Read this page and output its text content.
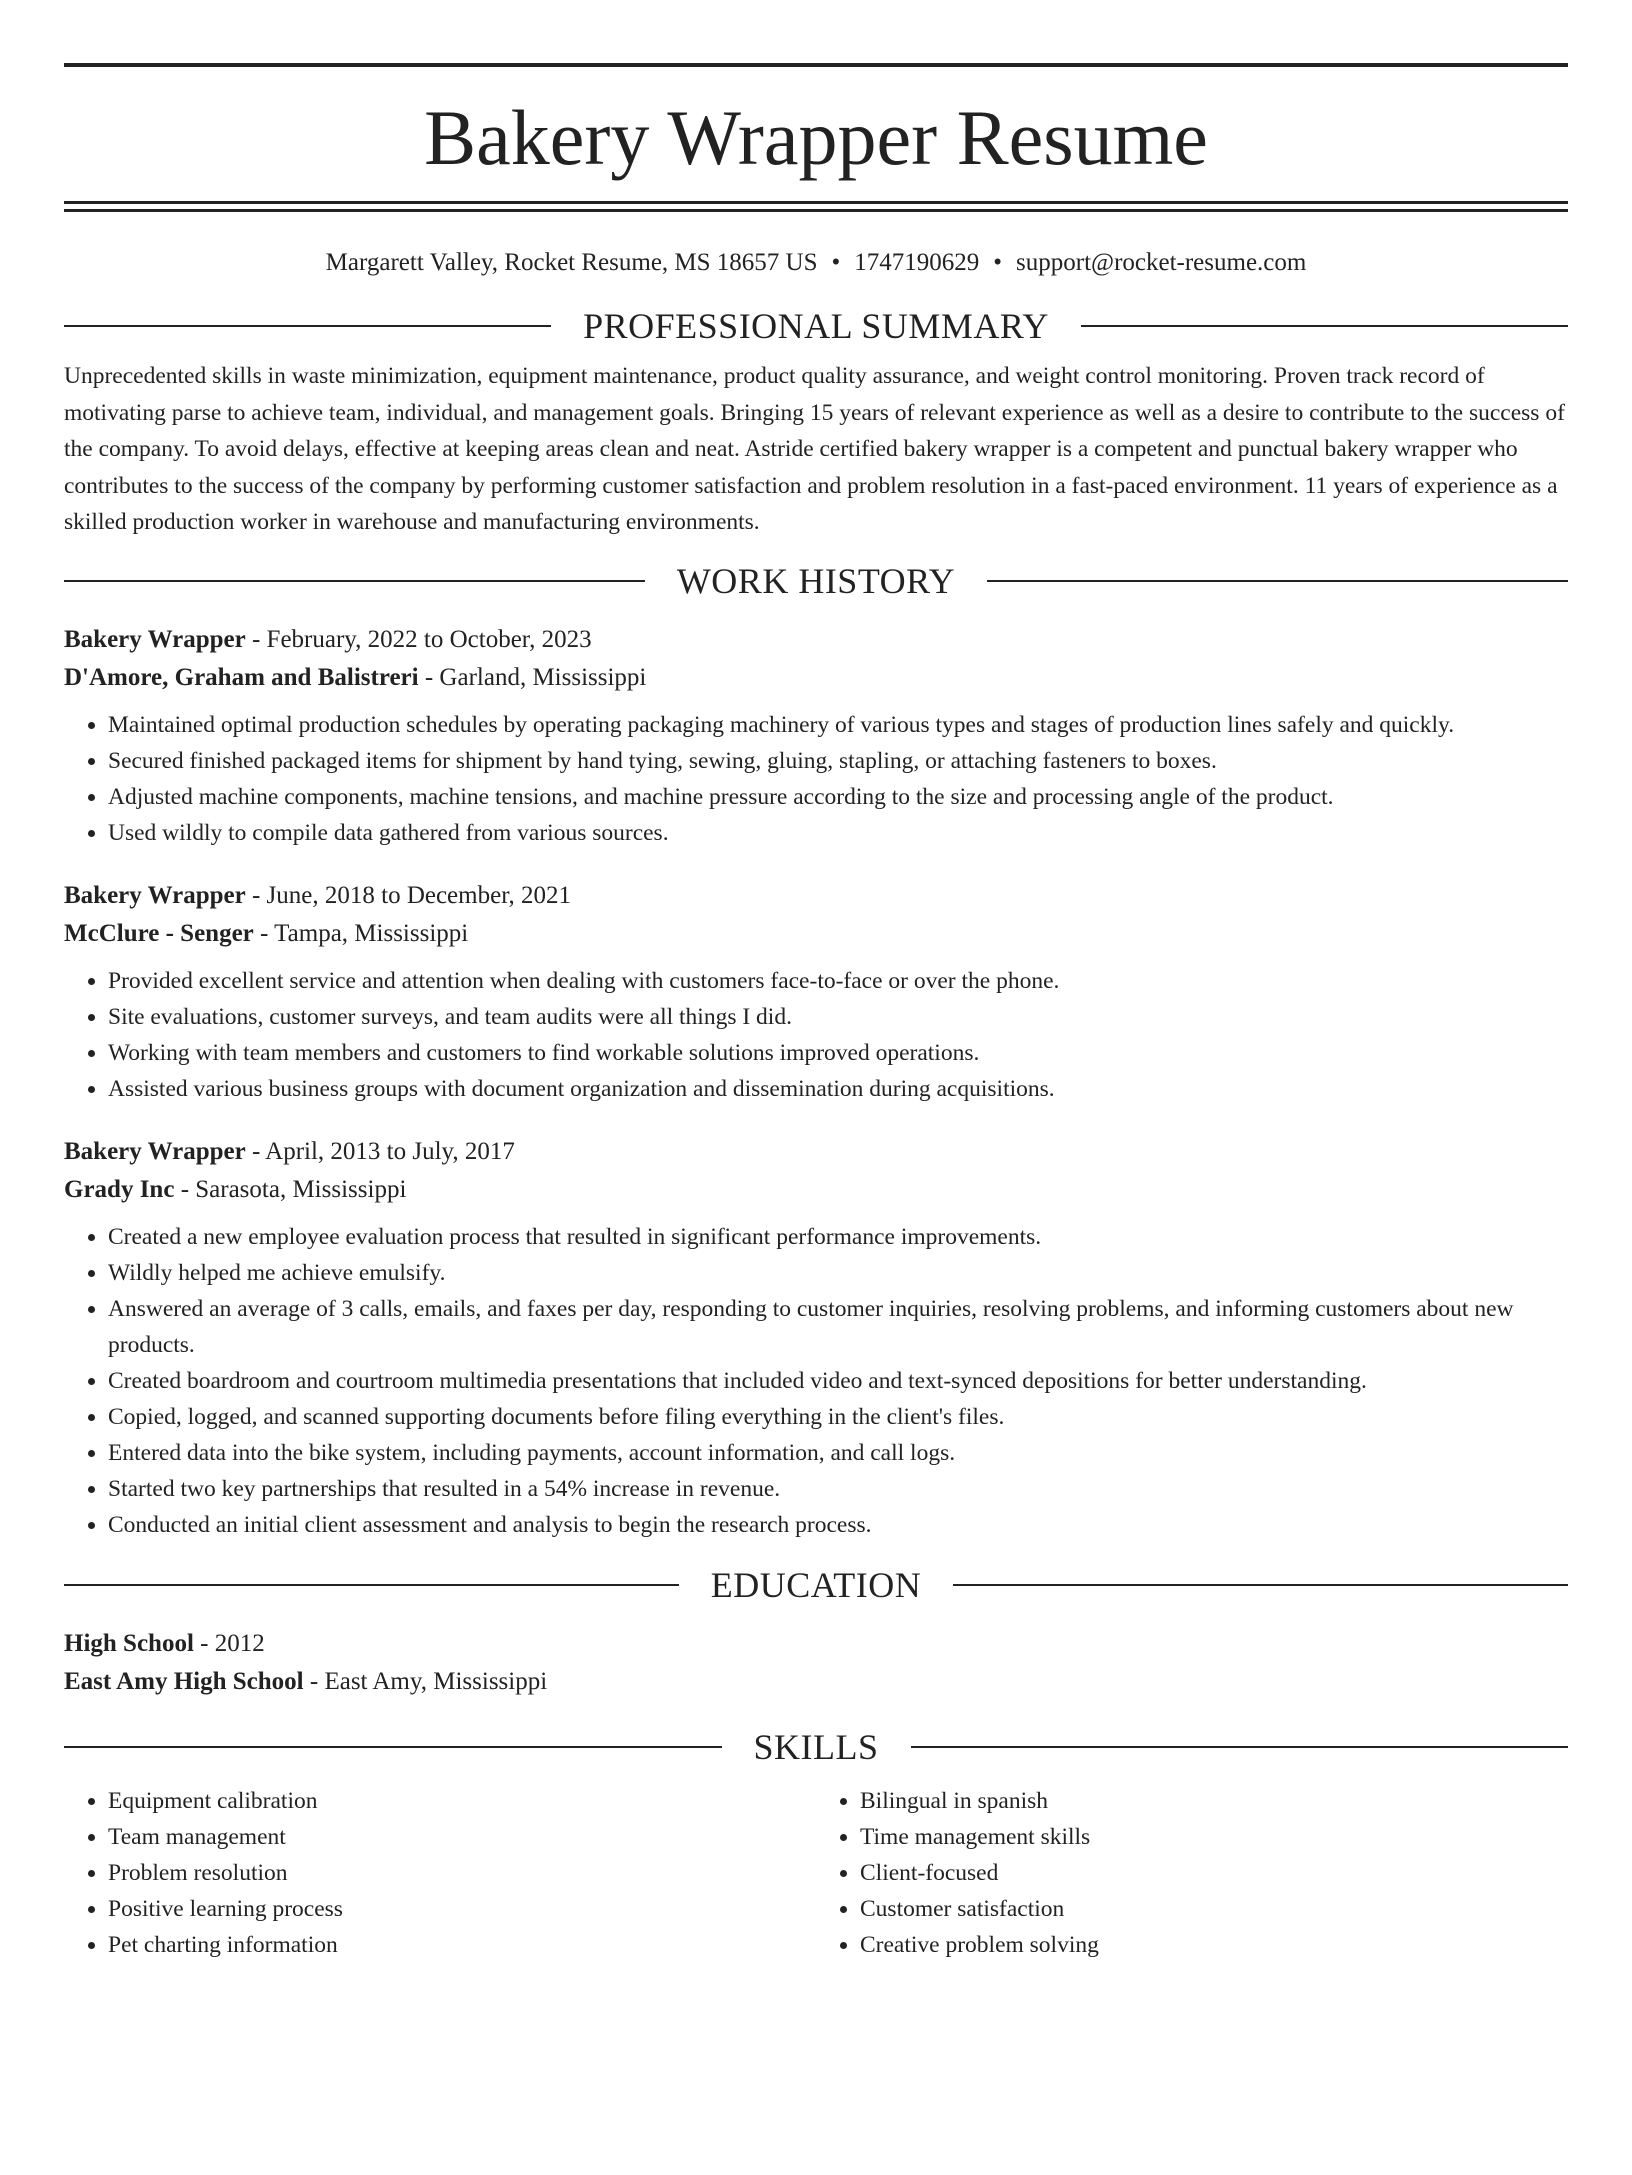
Bakery Wrapper Resume
Margarett Valley, Rocket Resume, MS 18657 US • 1747190629 • support@rocket-resume.com
PROFESSIONAL SUMMARY
Unprecedented skills in waste minimization, equipment maintenance, product quality assurance, and weight control monitoring. Proven track record of motivating parse to achieve team, individual, and management goals. Bringing 15 years of relevant experience as well as a desire to contribute to the success of the company. To avoid delays, effective at keeping areas clean and neat. Astride certified bakery wrapper is a competent and punctual bakery wrapper who contributes to the success of the company by performing customer satisfaction and problem resolution in a fast-paced environment. 11 years of experience as a skilled production worker in warehouse and manufacturing environments.
WORK HISTORY
Bakery Wrapper - February, 2022 to October, 2023
D'Amore, Graham and Balistreri - Garland, Mississippi
• Maintained optimal production schedules by operating packaging machinery of various types and stages of production lines safely and quickly.
• Secured finished packaged items for shipment by hand tying, sewing, gluing, stapling, or attaching fasteners to boxes.
• Adjusted machine components, machine tensions, and machine pressure according to the size and processing angle of the product.
• Used wildly to compile data gathered from various sources.
Bakery Wrapper - June, 2018 to December, 2021
McClure - Senger - Tampa, Mississippi
• Provided excellent service and attention when dealing with customers face-to-face or over the phone.
• Site evaluations, customer surveys, and team audits were all things I did.
• Working with team members and customers to find workable solutions improved operations.
• Assisted various business groups with document organization and dissemination during acquisitions.
Bakery Wrapper - April, 2013 to July, 2017
Grady Inc - Sarasota, Mississippi
• Created a new employee evaluation process that resulted in significant performance improvements.
• Wildly helped me achieve emulsify.
• Answered an average of 3 calls, emails, and faxes per day, responding to customer inquiries, resolving problems, and informing customers about new products.
• Created boardroom and courtroom multimedia presentations that included video and text-synced depositions for better understanding.
• Copied, logged, and scanned supporting documents before filing everything in the client's files.
• Entered data into the bike system, including payments, account information, and call logs.
• Started two key partnerships that resulted in a 54% increase in revenue.
• Conducted an initial client assessment and analysis to begin the research process.
EDUCATION
High School - 2012
East Amy High School - East Amy, Mississippi
SKILLS
• Equipment calibration
• Team management
• Problem resolution
• Positive learning process
• Pet charting information
• Bilingual in spanish
• Time management skills
• Client-focused
• Customer satisfaction
• Creative problem solving
